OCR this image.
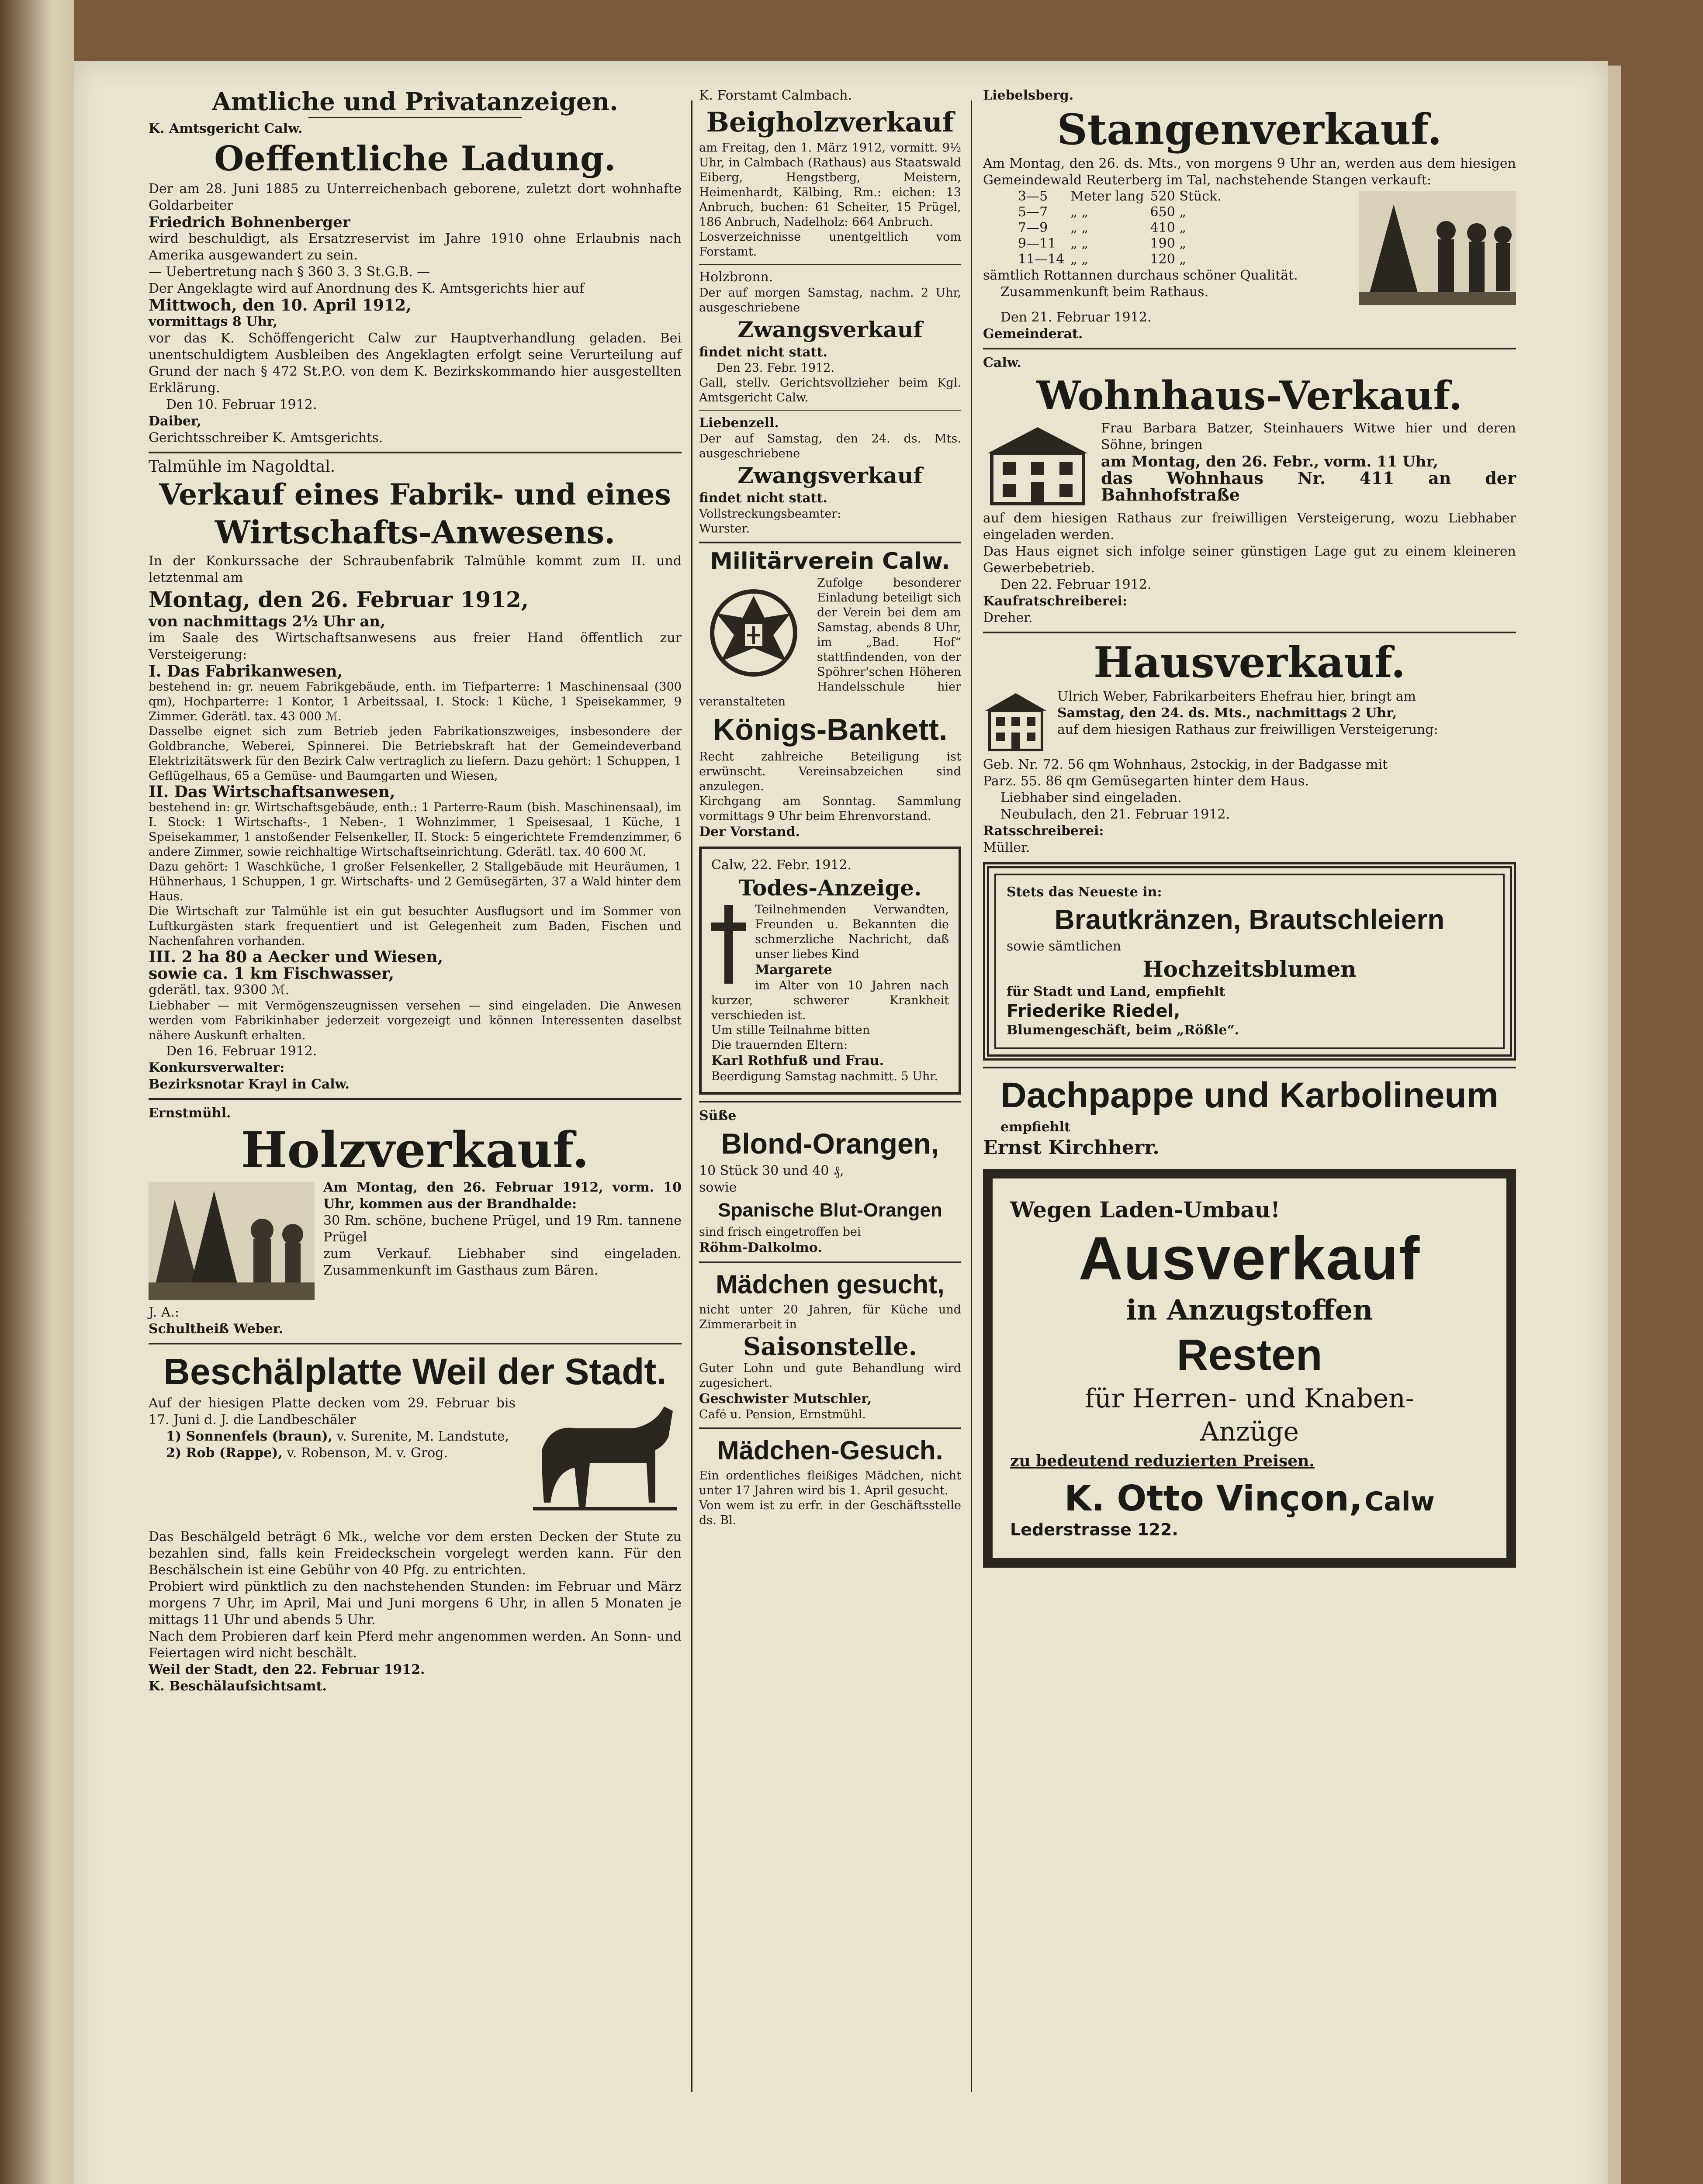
Amtliche und Privatanzeigen.

K. Amtsgericht Calw.

Oeffentliche Ladung.

Der am 28. Juni 1885 zu Unterreichenbach geborene, zuletzt dort wohnhafte Goldarbeiter

Friedrich Bohnenberger

wird beschuldigt, als Ersatzreservist im Jahre 1910 ohne Erlaubnis nach Amerika ausgewandert zu sein.

— Uebertretung nach § 360 3. 3 St.G.B. —

Der Angeklagte wird auf Anordnung des K. Amtsgerichts hier auf

Mittwoch, den 10. April 1912,

vormittags 8 Uhr,

vor das K. Schöffengericht Calw zur Hauptverhandlung geladen. Bei unentschuldigtem Ausbleiben des Angeklagten erfolgt seine Verurteilung auf Grund der nach § 472 St.P.O. von dem K. Bezirkskommando hier ausgestellten Erklärung.

Den 10. Februar 1912.

Daiber,

Gerichtsschreiber K. Amtsgerichts.

Talmühle im Nagoldtal.

Verkauf eines Fabrik- und eines
Wirtschafts-Anwesens.

In der Konkurssache der Schraubenfabrik Talmühle kommt zum II. und letztenmal am

Montag, den 26. Februar 1912,

von nachmittags 2½ Uhr an,

im Saale des Wirtschaftsanwesens aus freier Hand öffentlich zur Versteigerung:

I. Das Fabrikanwesen,

bestehend in: gr. neuem Fabrikgebäude, enth. im Tiefparterre: 1 Maschinensaal (300 qm), Hochparterre: 1 Kontor, 1 Arbeitssaal, I. Stock: 1 Küche, 1 Speisekammer, 9 Zimmer. Gderätl. tax. 43 000 ℳ.

Dasselbe eignet sich zum Betrieb jeden Fabrikationszweiges, insbesondere der Goldbranche, Weberei, Spinnerei. Die Betriebskraft hat der Gemeindeverband Elektrizitätswerk für den Bezirk Calw vertraglich zu liefern. Dazu gehört: 1 Schuppen, 1 Geflügelhaus, 65 a Gemüse- und Baumgarten und Wiesen,

II. Das Wirtschaftsanwesen,

bestehend in: gr. Wirtschaftsgebäude, enth.: 1 Parterre-Raum (bish. Maschinensaal), im I. Stock: 1 Wirtschafts-, 1 Neben-, 1 Wohnzimmer, 1 Speisesaal, 1 Küche, 1 Speisekammer, 1 anstoßender Felsenkeller, II. Stock: 5 eingerichtete Fremdenzimmer, 6 andere Zimmer, sowie reichhaltige Wirtschaftseinrichtung. Gderätl. tax. 40 600 ℳ.

Dazu gehört: 1 Waschküche, 1 großer Felsenkeller, 2 Stallgebäude mit Heuräumen, 1 Hühnerhaus, 1 Schuppen, 1 gr. Wirtschafts- und 2 Gemüsegärten, 37 a Wald hinter dem Haus.

Die Wirtschaft zur Talmühle ist ein gut besuchter Ausflugsort und im Sommer von Luftkurgästen stark frequentiert und ist Gelegenheit zum Baden, Fischen und Nachenfahren vorhanden.

III. 2 ha 80 a Aecker und Wiesen,

sowie ca. 1 km Fischwasser,

gderätl. tax. 9300 ℳ.

Liebhaber — mit Vermögenszeugnissen versehen — sind eingeladen. Die Anwesen werden vom Fabrikinhaber jederzeit vorgezeigt und können Interessenten daselbst nähere Auskunft erhalten.

Den 16. Februar 1912.

Konkursverwalter:

Bezirksnotar Krayl in Calw.

Ernstmühl.

Holzverkauf.

Am Montag, den 26. Februar 1912, vorm. 10 Uhr, kommen aus der Brandhalde:

30 Rm. schöne, buchene Prügel, und 19 Rm. tannene Prügel

zum Verkauf. Liebhaber sind eingeladen. Zusammenkunft im Gasthaus zum Bären.

J. A.:

Schultheiß Weber.

Beschälplatte Weil der Stadt.

Auf der hiesigen Platte decken vom 29. Februar bis 17. Juni d. J. die Landbeschäler

1) Sonnenfels (braun), v. Surenite, M. Landstute,

2) Rob (Rappe), v. Robenson, M. v. Grog.

Das Beschälgeld beträgt 6 Mk., welche vor dem ersten Decken der Stute zu bezahlen sind, falls kein Freideckschein vorgelegt werden kann. Für den Beschälschein ist eine Gebühr von 40 Pfg. zu entrichten.

Probiert wird pünktlich zu den nachstehenden Stunden: im Februar und März morgens 7 Uhr, im April, Mai und Juni morgens 6 Uhr, in allen 5 Monaten je mittags 11 Uhr und abends 5 Uhr.

Nach dem Probieren darf kein Pferd mehr angenommen werden. An Sonn- und Feiertagen wird nicht beschält.

Weil der Stadt, den 22. Februar 1912.

K. Beschälaufsichtsamt.

K. Forstamt Calmbach.

Beigholzverkauf

am Freitag, den 1. März 1912, vormitt. 9½ Uhr, in Calmbach (Rathaus) aus Staatswald Eiberg, Hengstberg, Meistern, Heimenhardt, Kälbing, Rm.: eichen: 13 Anbruch, buchen: 61 Scheiter, 15 Prügel, 186 Anbruch, Nadelholz: 664 Anbruch.

Losverzeichnisse unentgeltlich vom Forstamt.

Holzbronn.

Der auf morgen Samstag, nachm. 2 Uhr, ausgeschriebene

Zwangsverkauf

findet nicht statt.

Den 23. Febr. 1912.

Gall, stellv. Gerichtsvollzieher beim Kgl. Amtsgericht Calw.

Liebenzell.

Der auf Samstag, den 24. ds. Mts. ausgeschriebene

Zwangsverkauf

findet nicht statt.

Vollstreckungsbeamter:

Wurster.

Militärverein Calw.

Zufolge besonderer Einladung beteiligt sich der Verein bei dem am Samstag, abends 8 Uhr, im „Bad. Hof“ stattfindenden, von der Spöhrer'schen Höheren Handelsschule hier veranstalteten

Königs-Bankett.

Recht zahlreiche Beteiligung ist erwünscht. Vereinsabzeichen sind anzulegen.

Kirchgang am Sonntag. Sammlung vormittags 9 Uhr beim Ehrenvorstand.

Der Vorstand.

Calw, 22. Febr. 1912.

Todes-Anzeige.

Teilnehmenden Verwandten, Freunden u. Bekannten die schmerzliche Nachricht, daß unser liebes Kind

Margarete

im Alter von 10 Jahren nach kurzer, schwerer Krankheit verschieden ist.

Um stille Teilnahme bitten

Die trauernden Eltern:

Karl Rothfuß und Frau.

Beerdigung Samstag nachmitt. 5 Uhr.

Süße

Blond-Orangen,

10 Stück 30 und 40 ₰,

sowie

Spanische Blut-Orangen

sind frisch eingetroffen bei

Röhm-Dalkolmo.

Mädchen gesucht,

nicht unter 20 Jahren, für Küche und Zimmerarbeit in

Saisonstelle.

Guter Lohn und gute Behandlung wird zugesichert.

Geschwister Mutschler,

Café u. Pension, Ernstmühl.

Mädchen-Gesuch.

Ein ordentliches fleißiges Mädchen, nicht unter 17 Jahren wird bis 1. April gesucht.

Von wem ist zu erfr. in der Geschäftsstelle ds. Bl.

Liebelsberg.

Stangenverkauf.

Am Montag, den 26. ds. Mts., von morgens 9 Uhr an, werden aus dem hiesigen Gemeindewald Reuterberg im Tal, nachstehende Stangen verkauft:

3—5	Meter lang	520 Stück.
5—7	„ „	650 „
7—9	„ „	410 „
9—11	„ „	190 „
11—14	„ „	120 „

sämtlich Rottannen durchaus schöner Qualität.

Zusammenkunft beim Rathaus.

Den 21. Februar 1912.

Gemeinderat.

Calw.

Wohnhaus-Verkauf.

Frau Barbara Batzer, Steinhauers Witwe hier und deren Söhne, bringen

am Montag, den 26. Febr., vorm. 11 Uhr,

das Wohnhaus Nr. 411 an der Bahnhofstraße

auf dem hiesigen Rathaus zur freiwilligen Versteigerung, wozu Liebhaber eingeladen werden.

Das Haus eignet sich infolge seiner günstigen Lage gut zu einem kleineren Gewerbebetrieb.

Den 22. Februar 1912.

Kaufratschreiberei:

Dreher.

Hausverkauf.

Ulrich Weber, Fabrikarbeiters Ehefrau hier, bringt am

Samstag, den 24. ds. Mts., nachmittags 2 Uhr,

auf dem hiesigen Rathaus zur freiwilligen Versteigerung:

Geb. Nr. 72. 56 qm Wohnhaus, 2stockig, in der Badgasse mit

Parz. 55. 86 qm Gemüsegarten hinter dem Haus.

Liebhaber sind eingeladen.

Neubulach, den 21. Februar 1912.

Ratsschreiberei:

Müller.

Stets das Neueste in:

Brautkränzen, Brautschleiern

sowie sämtlichen

Hochzeitsblumen

für Stadt und Land, empfiehlt

Friederike Riedel,

Blumengeschäft, beim „Rößle“.

Dachpappe und Karbolineum

empfiehlt

Ernst Kirchherr.

Wegen Laden-Umbau!

Ausverkauf
in Anzugstoffen
Resten
für Herren- und Knaben-
Anzüge

zu bedeutend reduzierten Preisen.

K. Otto Vinçon, Calw

Lederstrasse 122.
